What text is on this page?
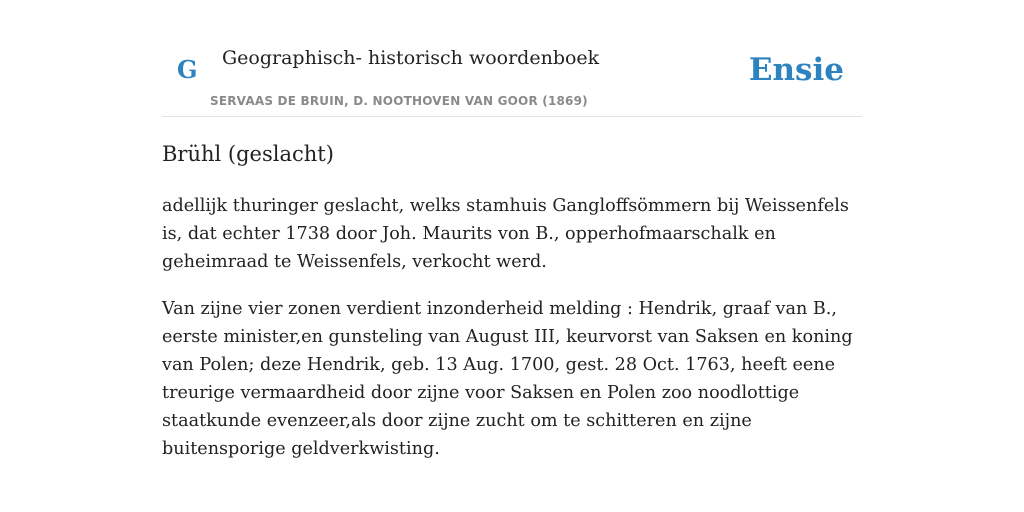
G Geographisch- historisch woordenboek
SERVAAS DE BRUIN, D. NOOTHOVEN VAN GOOR (1869)
Ensie
Brühl (geslacht)

adellijk thuringer geslacht, welks stamhuis Gangloffsömmern bij Weissenfels is, dat echter 1738 door Joh. Maurits von B., opperhofmaarschalk en geheimraad te Weissenfels, verkocht werd.

Van zijne vier zonen verdient inzonderheid melding : Hendrik, graaf van B., eerste minister,en gunsteling van August III, keurvorst van Saksen en koning van Polen; deze Hendrik, geb. 13 Aug. 1700, gest. 28 Oct. 1763, heeft eene treurige vermaardheid door zijne voor Saksen en Polen zoo noodlottige staatkunde evenzeer,als door zijne zucht om te schitteren en zijne buitensporige geldverkwisting.
